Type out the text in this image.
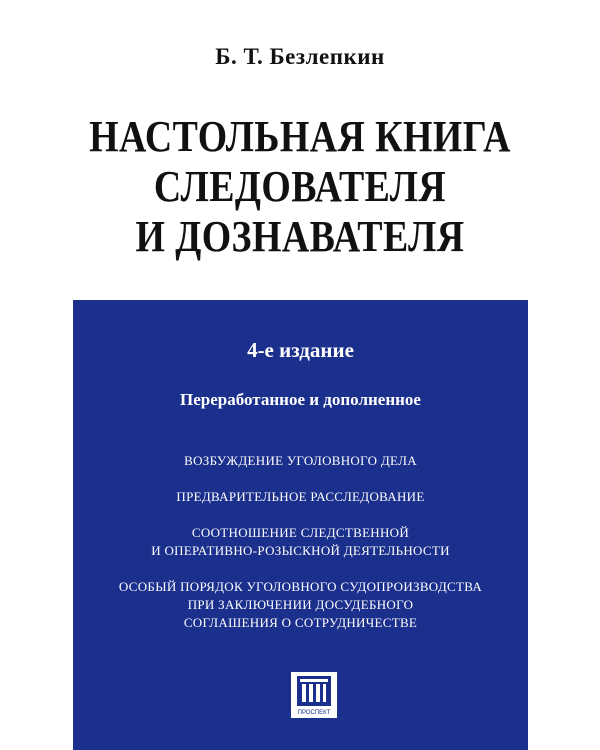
Б. Т. Безлепкин
НАСТОЛЬНАЯ КНИГА
СЛЕДОВАТЕЛЯ
И ДОЗНАВАТЕЛЯ
4-е издание
Переработанное и дополненное
ВОЗБУЖДЕНИЕ УГОЛОВНОГО ДЕЛА
ПРЕДВАРИТЕЛЬНОЕ РАССЛЕДОВАНИЕ
СООТНОШЕНИЕ СЛЕДСТВЕННОЙ
И ОПЕРАТИВНО-РОЗЫСКНОЙ ДЕЯТЕЛЬНОСТИ
ОСОБЫЙ ПОРЯДОК УГОЛОВНОГО СУДОПРОИЗВОДСТВА
ПРИ ЗАКЛЮЧЕНИИ ДОСУДЕБНОГО
СОГЛАШЕНИЯ О СОТРУДНИЧЕСТВЕ
ПРОСПЕКТ
